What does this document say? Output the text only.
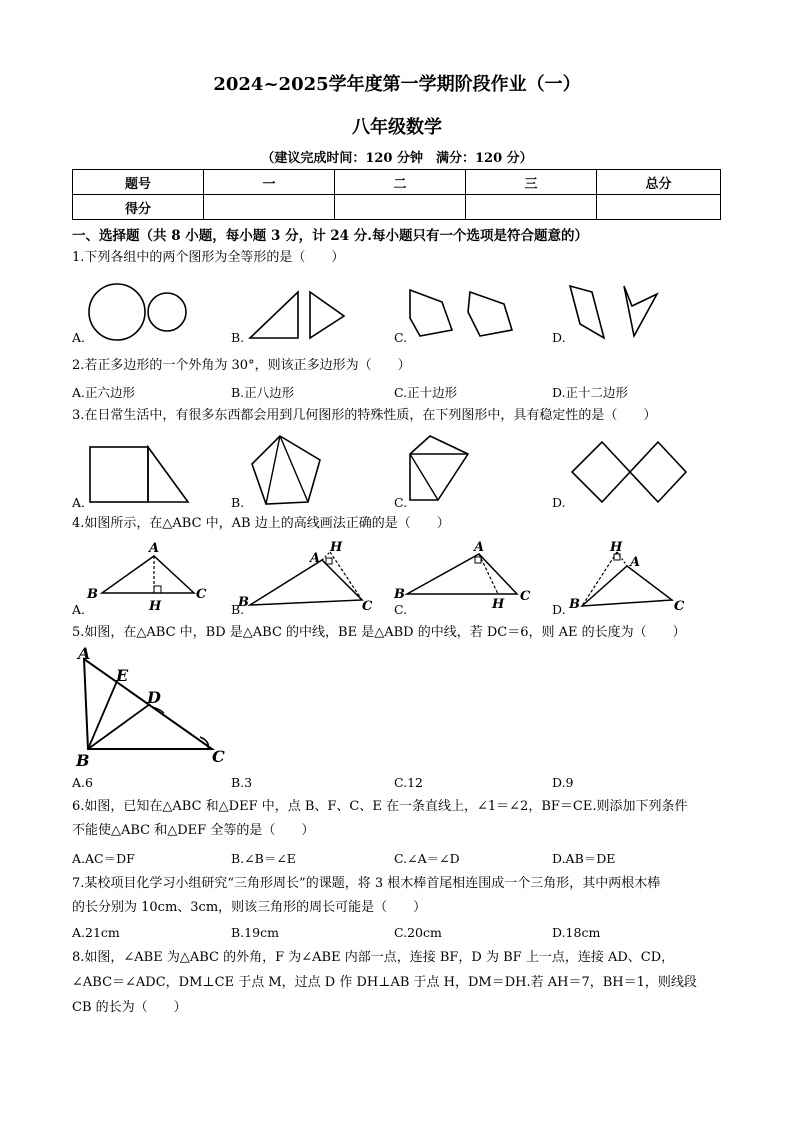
2024~2025学年度第一学期阶段作业（一）
八年级数学
（建议完成时间：120 分钟　满分：120 分）
题号	一	二	三	总分
得分				
一、选择题（共 8 小题，每小题 3 分，计 24 分.每小题只有一个选项是符合题意的）
1.下列各组中的两个图形为全等形的是（　　）
A.	B.	C.	D.
2.若正多边形的一个外角为 30°，则该正多边形为（　　）
A.正六边形	B.正八边形	C.正十边形	D.正十二边形
3.在日常生活中，有很多东西都会用到几何图形的特殊性质，在下列图形中，具有稳定性的是（　　）
A.	B.	C.	D.
4.如图所示，在△ABC 中，AB 边上的高线画法正确的是（　　）
A
B	C
H
A
H
B	C
A
B	C
H
H
A
B	C
A.	B.	C.	D.
5.如图，在△ABC 中，BD 是△ABC 的中线，BE 是△ABD 的中线，若 DC＝6，则 AE 的长度为（　　）
A
E
D
B	C
A.6	B.3	C.12	D.9
6.如图，已知在△ABC 和△DEF 中，点 B、F、C、E 在一条直线上，∠1＝∠2，BF＝CE.则添加下列条件
不能使△ABC 和△DEF 全等的是（　　）
A.AC＝DF	B.∠B＝∠E	C.∠A＝∠D	D.AB＝DE
7.某校项目化学习小组研究“三角形周长”的课题，将 3 根木棒首尾相连围成一个三角形，其中两根木棒
的长分别为 10cm、3cm，则该三角形的周长可能是（　　）
A.21cm	B.19cm	C.20cm	D.18cm
8.如图，∠ABE 为△ABC 的外角，F 为∠ABE 内部一点，连接 BF，D 为 BF 上一点，连接 AD、CD，
∠ABC＝∠ADC，DM⊥CE 于点 M，过点 D 作 DH⊥AB 于点 H，DM＝DH.若 AH＝7，BH＝1，则线段
CB 的长为（　　）
